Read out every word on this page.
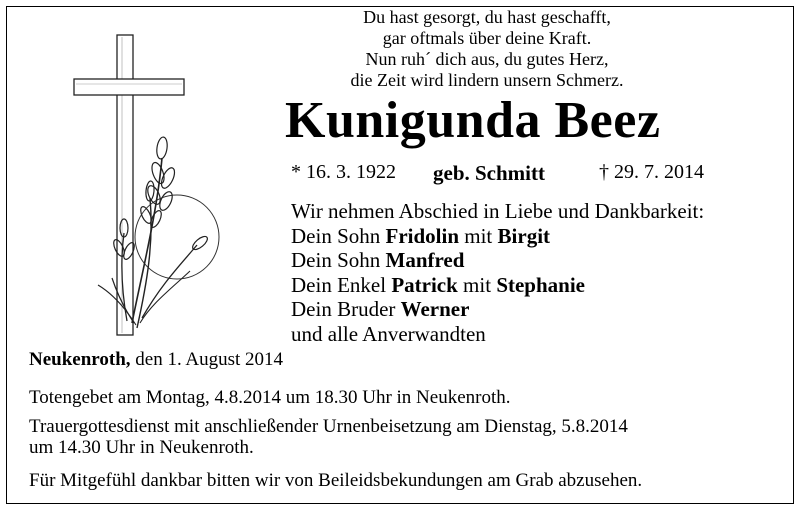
Du hast gesorgt, du hast geschafft,
gar oftmals über deine Kraft.
Nun ruh´ dich aus, du gutes Herz,
die Zeit wird lindern unsern Schmerz.
Kunigunda Beez
* 16. 3. 1922 geb. Schmitt	† 29. 7. 2014
Wir nehmen Abschied in Liebe und Dankbarkeit:
Dein Sohn Fridolin mit Birgit
Dein Sohn Manfred
Dein Enkel Patrick mit Stephanie
Dein Bruder Werner
und alle Anverwandten
Neukenroth, den 1. August 2014
Totengebet am Montag, 4.8.2014 um 18.30 Uhr in Neukenroth.
Trauergottesdienst mit anschließender Urnenbeisetzung am Dienstag, 5.8.2014
um 14.30 Uhr in Neukenroth.
Für Mitgefühl dankbar bitten wir von Beileidsbekundungen am Grab abzusehen.
